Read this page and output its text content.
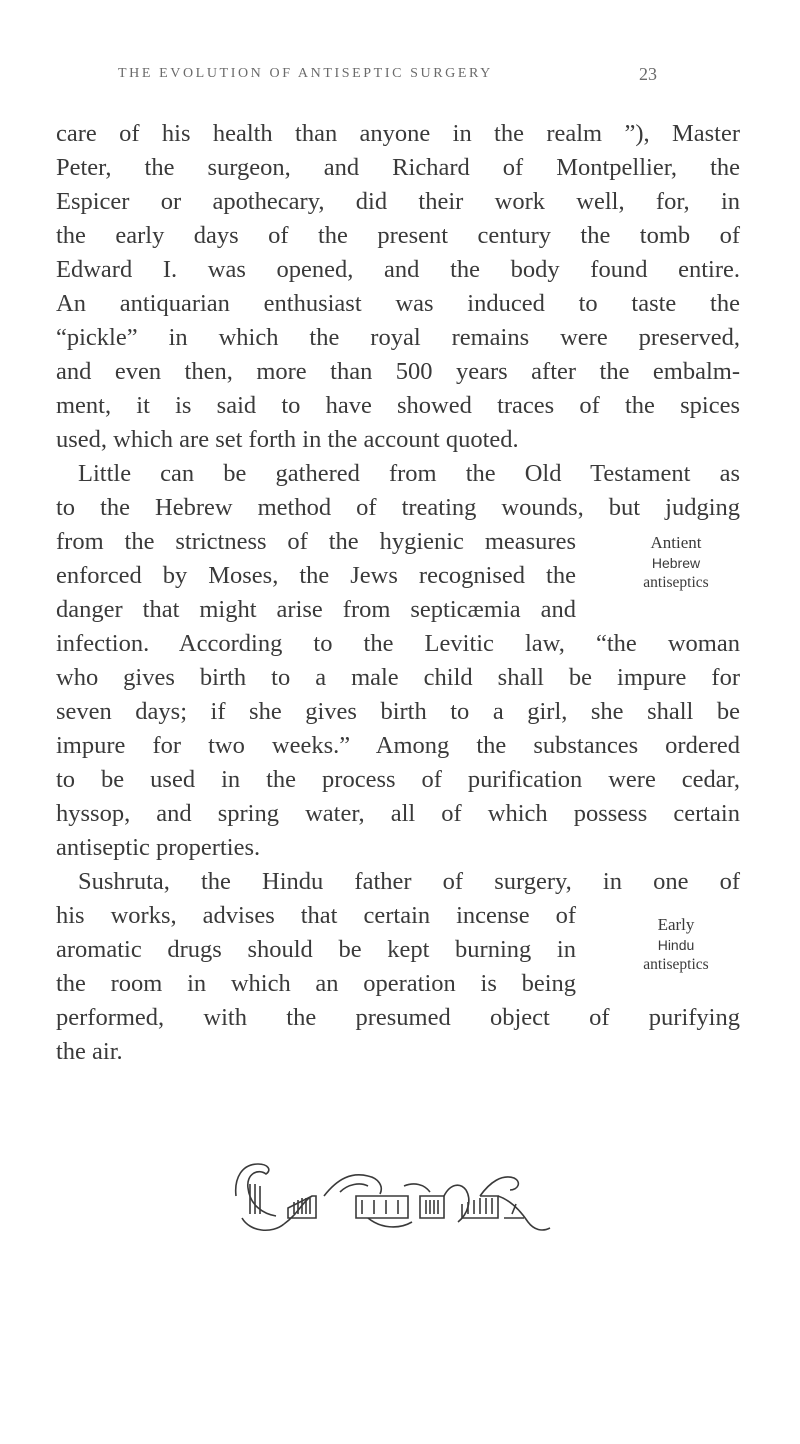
THE EVOLUTION OF ANTISEPTIC SURGERY	23
care of his health than anyone in the realm ”), Master
Peter, the surgeon, and Richard of Montpellier, the
Espicer or apothecary, did their work well, for, in
the early days of the present century the tomb of
Edward I. was opened, and the body found entire.
An antiquarian enthusiast was induced to taste the
“pickle” in which the royal remains were preserved,
and even then, more than 500 years after the embalm-
ment, it is said to have showed traces of the spices
used, which are set forth in the account quoted.
Little can be gathered from the Old Testament as
to the Hebrew method of treating wounds, but judging
from the strictness of the hygienic measures
enforced by Moses, the Jews recognised the
danger that might arise from septicæmia and
infection. According to the Levitic law, “the woman
who gives birth to a male child shall be impure for
seven days; if she gives birth to a girl, she shall be
impure for two weeks.” Among the substances ordered
to be used in the process of purification were cedar,
hyssop, and spring water, all of which possess certain
antiseptic properties.
Sushruta, the Hindu father of surgery, in one of
his works, advises that certain incense of
aromatic drugs should be kept burning in
the room in which an operation is being
performed, with the presumed object of purifying
the air.
Antient
Hebrew
antiseptics
Early
Hindu
antiseptics
